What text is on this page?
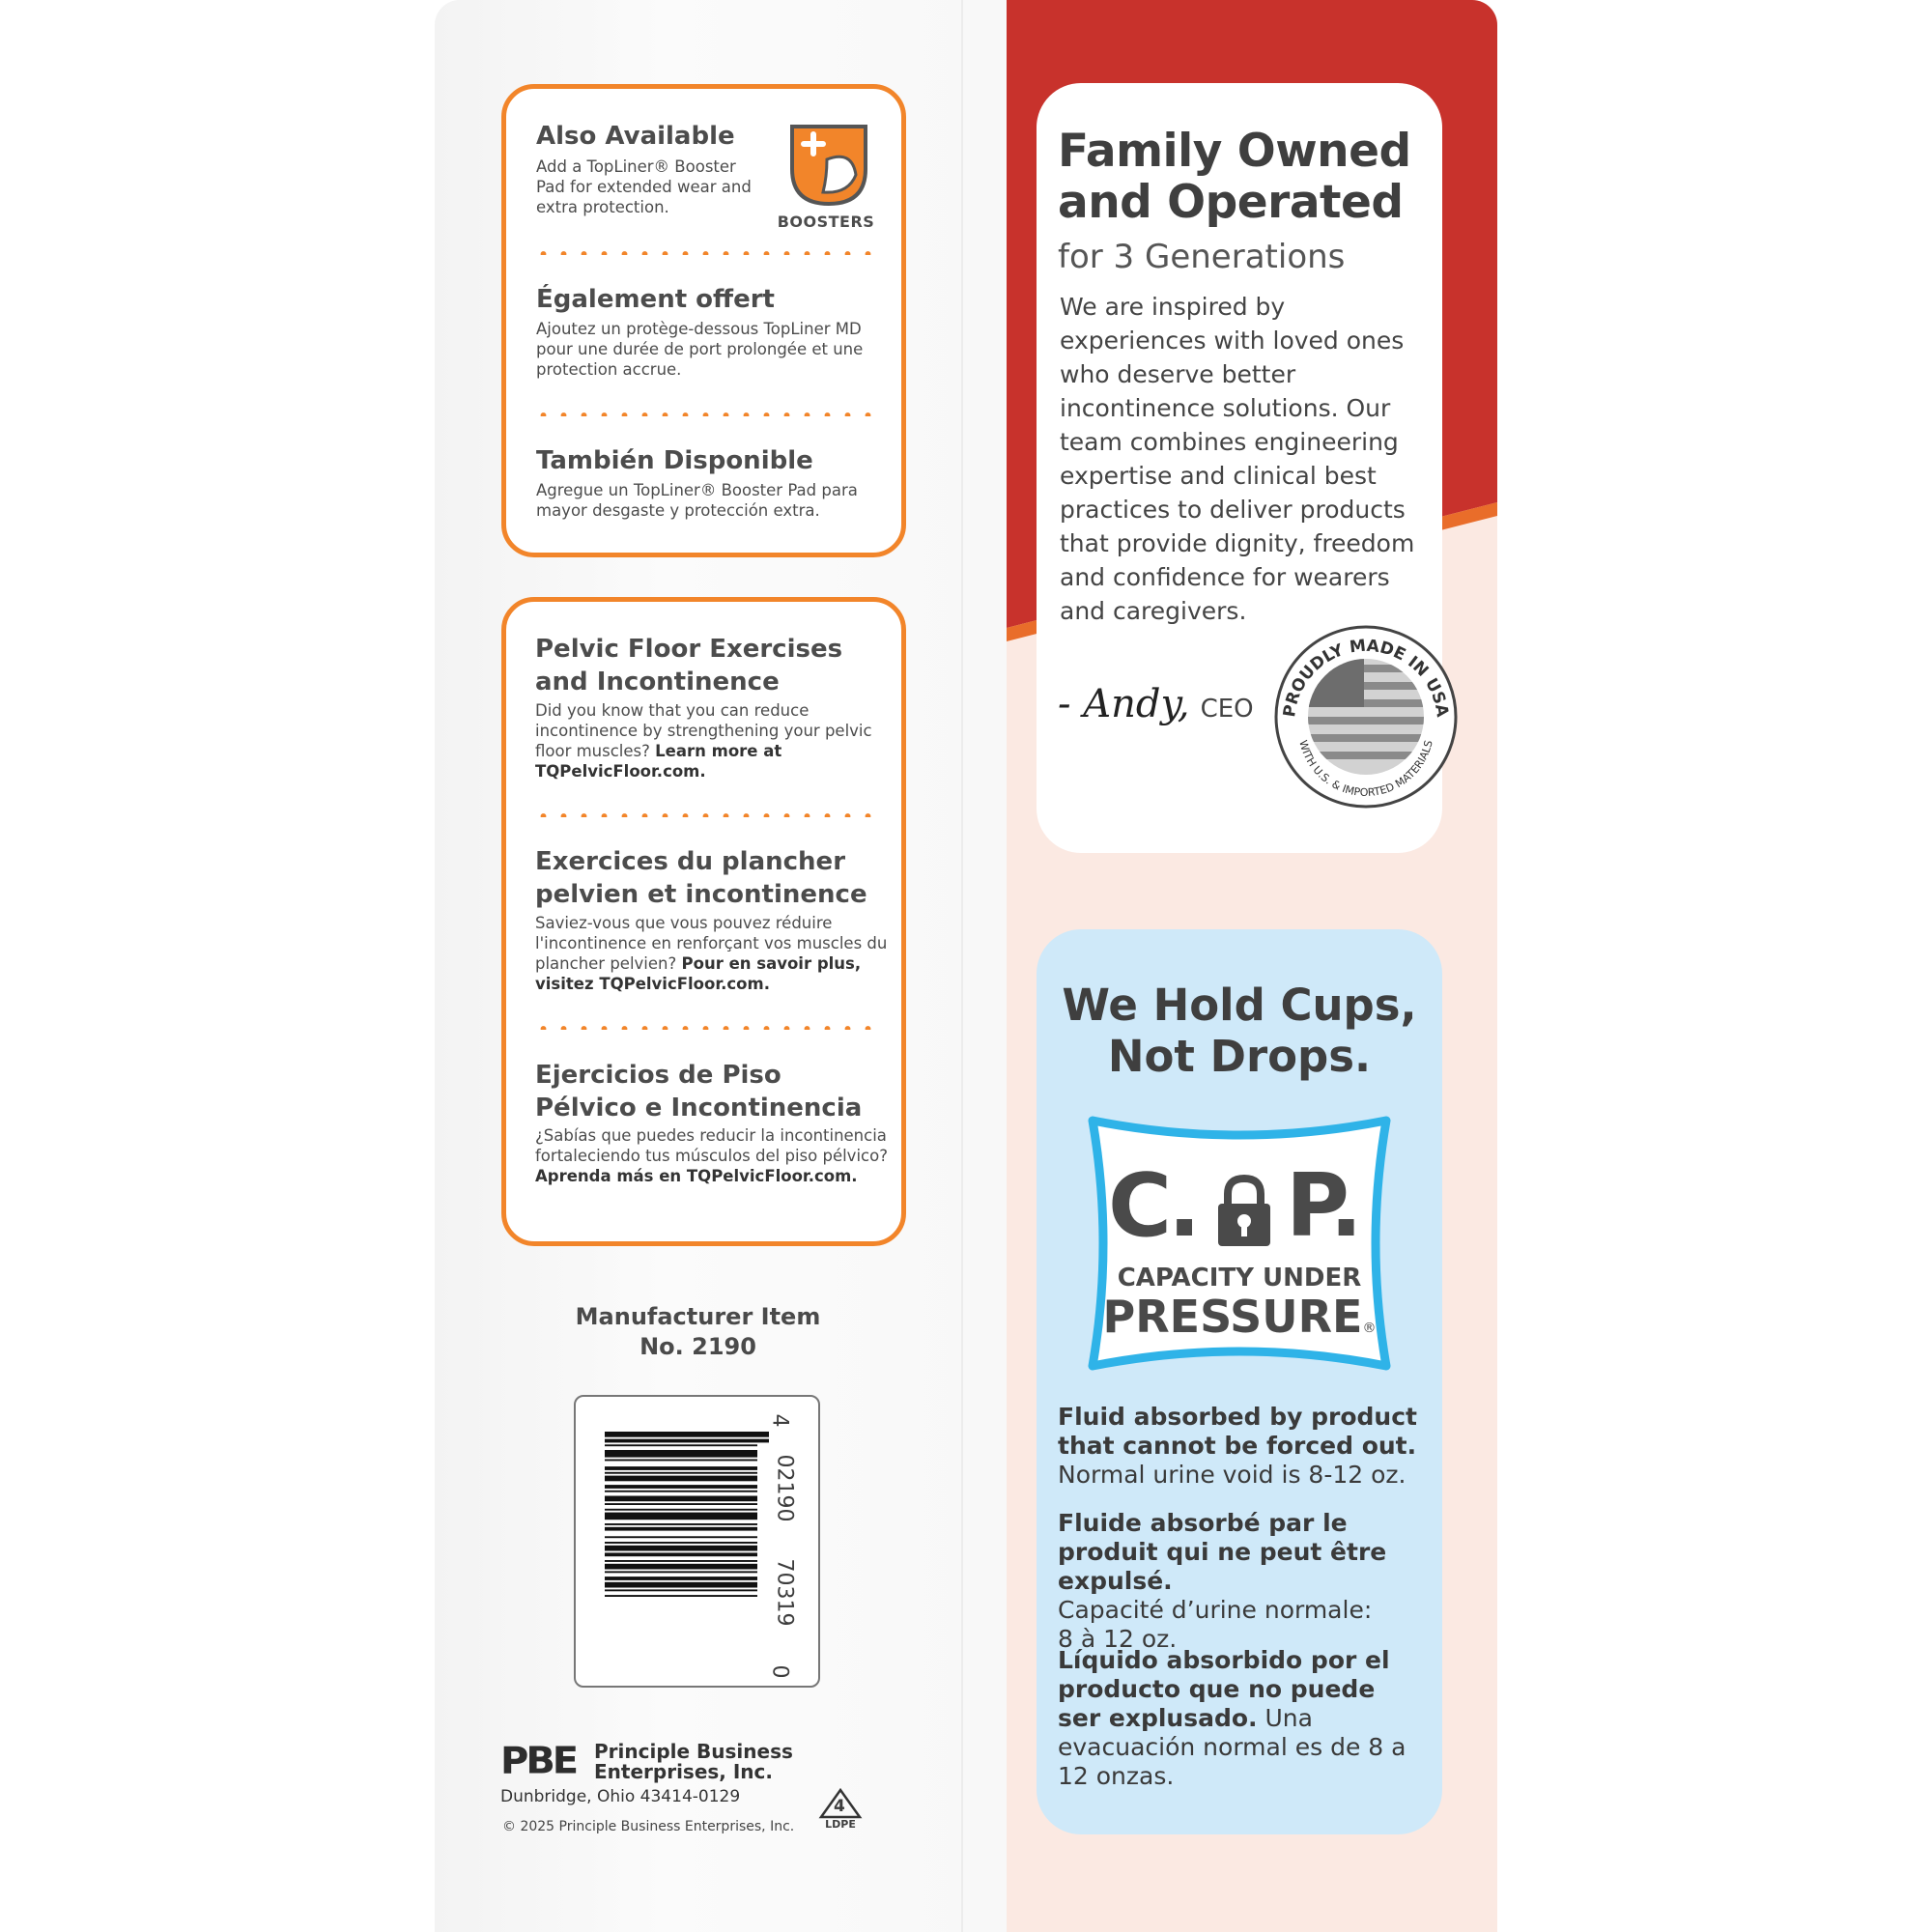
Also Available
Add a TopLiner® Booster Pad for extended wear and extra protection.
Également offert
Ajoutez un protège-dessous TopLiner MD pour une durée de port prolongée et une protection accrue.
También Disponible
Agregue un TopLiner® Booster Pad para mayor desgaste y protección extra.
BOOSTERS
Pelvic Floor Exercises and Incontinence
Did you know that you can reduce incontinence by strengthening your pelvic floor muscles? Learn more at TQPelvicFloor.com.
Exercices du plancher pelvien et incontinence
Saviez-vous que vous pouvez réduire l'incontinence en renforçant vos muscles du plancher pelvien? Pour en savoir plus, visitez TQPelvicFloor.com.
Ejercicios de Piso Pélvico e Incontinencia
¿Sabías que puedes reducir la incontinencia fortaleciendo tus músculos del piso pélvico? Aprenda más en TQPelvicFloor.com.
Manufacturer Item
No. 2190
0
70319
02190
4
PBE Principle Business
Enterprises, Inc.
Dunbridge, Ohio 43414-0129
© 2025 Principle Business Enterprises, Inc.
4
LDPE
Family Owned
and Operated
for 3 Generations
We are inspired by experiences with loved ones who deserve better incontinence solutions. Our team combines engineering expertise and clinical best practices to deliver products that provide dignity, freedom and confidence for wearers and caregivers.
- Andy, CEO PROUDLY MADE IN USA
WITH U.S. & IMPORTED MATERIALS
We Hold Cups,
Not Drops.
C. P.
CAPACITY UNDER
PRESSURE®
Fluid absorbed by product that cannot be forced out.
Normal urine void is 8-12 oz.
Fluide absorbé par le produit qui ne peut être expulsé.
Capacité d’urine normale: 8 à 12 oz.
Líquido absorbido por el producto que no puede ser explusado. Una evacuación normal es de 8 a 12 onzas.
